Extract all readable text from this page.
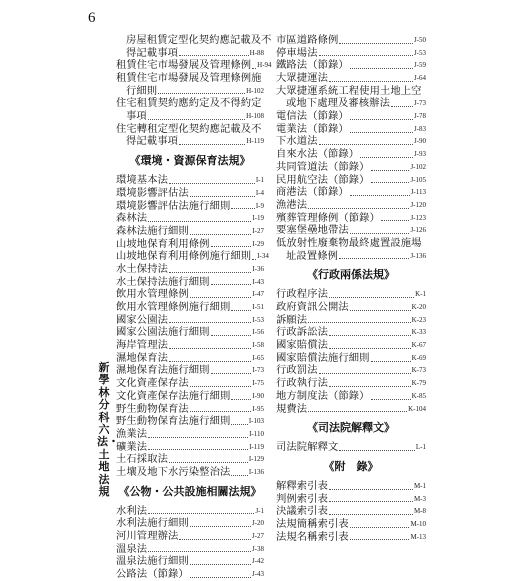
6
新學林分科六法・土地法規
房屋租賃定型化契約應記載及不
得記載事項	H-88
租賃住宅市場發展及管理條例 H-94
租賃住宅市場發展及管理條例施
行細則	H-102
住宅租賃契約應約定及不得約定
事項	H-108
住宅轉租定型化契約應記載及不
得記載事項	H-119
《環境・資源保育法規》
環境基本法	I-1
環境影響評估法	I-4
環境影響評估法施行細則	I-9
森林法	I-19
森林法施行細則	I-27
山坡地保育利用條例	I-29
山坡地保育利用條例施行細則 I-34
水土保持法	I-36
水土保持法施行細則	I-43
飲用水管理條例	I-47
飲用水管理條例施行細則	I-51
國家公園法	I-53
國家公園法施行細則	I-56
海岸管理法	I-58
濕地保育法	I-65
濕地保育法施行細則	I-73
文化資產保存法	I-75
文化資產保存法施行細則	I-90
野生動物保育法	I-95
野生動物保育法施行細則	I-103
漁業法	I-110
礦業法	I-119
土石採取法	I-129
土壤及地下水污染整治法	I-136
《公物・公共設施相關法規》
水利法	J-1
水利法施行細則	J-20
河川管理辦法	J-27
溫泉法	J-38
溫泉法施行細則	J-42
公路法（節錄）	J-43
市區道路條例	J-50
停車場法	J-53
鐵路法（節錄）	J-59
大眾捷運法	J-64
大眾捷運系統工程使用土地上空
或地下處理及審核辦法	J-73
電信法（節錄）	J-78
電業法（節錄）	J-83
下水道法	J-90
自來水法（節錄）	J-93
共同管道法（節錄）	J-102
民用航空法（節錄）	J-105
商港法（節錄）	J-113
漁港法	J-120
殯葬管理條例（節錄）	J-123
要塞堡壘地帶法	J-126
低放射性廢棄物最終處置設施場
址設置條例	J-136
《行政兩係法規》
行政程序法	K-1
政府資訊公開法	K-20
訴願法	K-23
行政訴訟法	K-33
國家賠償法	K-67
國家賠償法施行細則	K-69
行政罰法	K-73
行政執行法	K-79
地方制度法（節錄）	K-85
規費法	K-104
《司法院解釋文》
司法院解釋文	L-1
《附　錄》
解釋索引表	M-1
判例索引表	M-3
決議索引表	M-8
法規簡稱索引表	M-10
法規名稱索引表	M-13
